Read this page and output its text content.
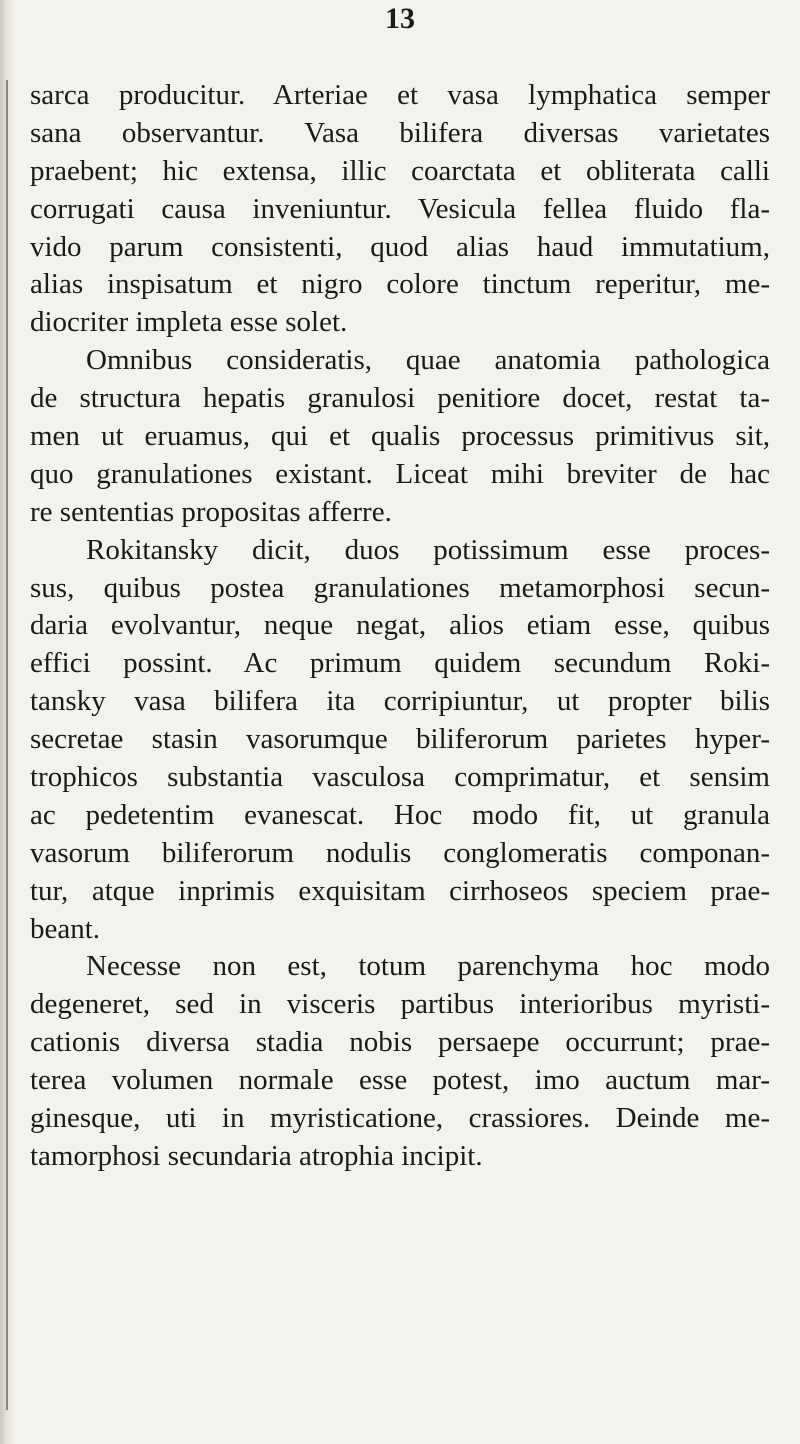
13
sarca producitur. Arteriae et vasa lymphatica semper
sana observantur. Vasa bilifera diversas varietates
praebent; hic extensa, illic coarctata et obliterata calli
corrugati causa inveniuntur. Vesicula fellea fluido fla-
vido parum consistenti, quod alias haud immutatium,
alias inspisatum et nigro colore tinctum reperitur, me-
diocriter impleta esse solet.
Omnibus consideratis, quae anatomia pathologica
de structura hepatis granulosi penitiore docet, restat ta-
men ut eruamus, qui et qualis processus primitivus sit,
quo granulationes existant. Liceat mihi breviter de hac
re sententias propositas afferre.
Rokitansky dicit, duos potissimum esse proces-
sus, quibus postea granulationes metamorphosi secun-
daria evolvantur, neque negat, alios etiam esse, quibus
effici possint. Ac primum quidem secundum Roki-
tansky vasa bilifera ita corripiuntur, ut propter bilis
secretae stasin vasorumque biliferorum parietes hyper-
trophicos substantia vasculosa comprimatur, et sensim
ac pedetentim evanescat. Hoc modo fit, ut granula
vasorum biliferorum nodulis conglomeratis componan-
tur, atque inprimis exquisitam cirrhoseos speciem prae-
beant.
Necesse non est, totum parenchyma hoc modo
degeneret, sed in visceris partibus interioribus myristi-
cationis diversa stadia nobis persaepe occurrunt; prae-
terea volumen normale esse potest, imo auctum mar-
ginesque, uti in myristicatione, crassiores. Deinde me-
tamorphosi secundaria atrophia incipit.
